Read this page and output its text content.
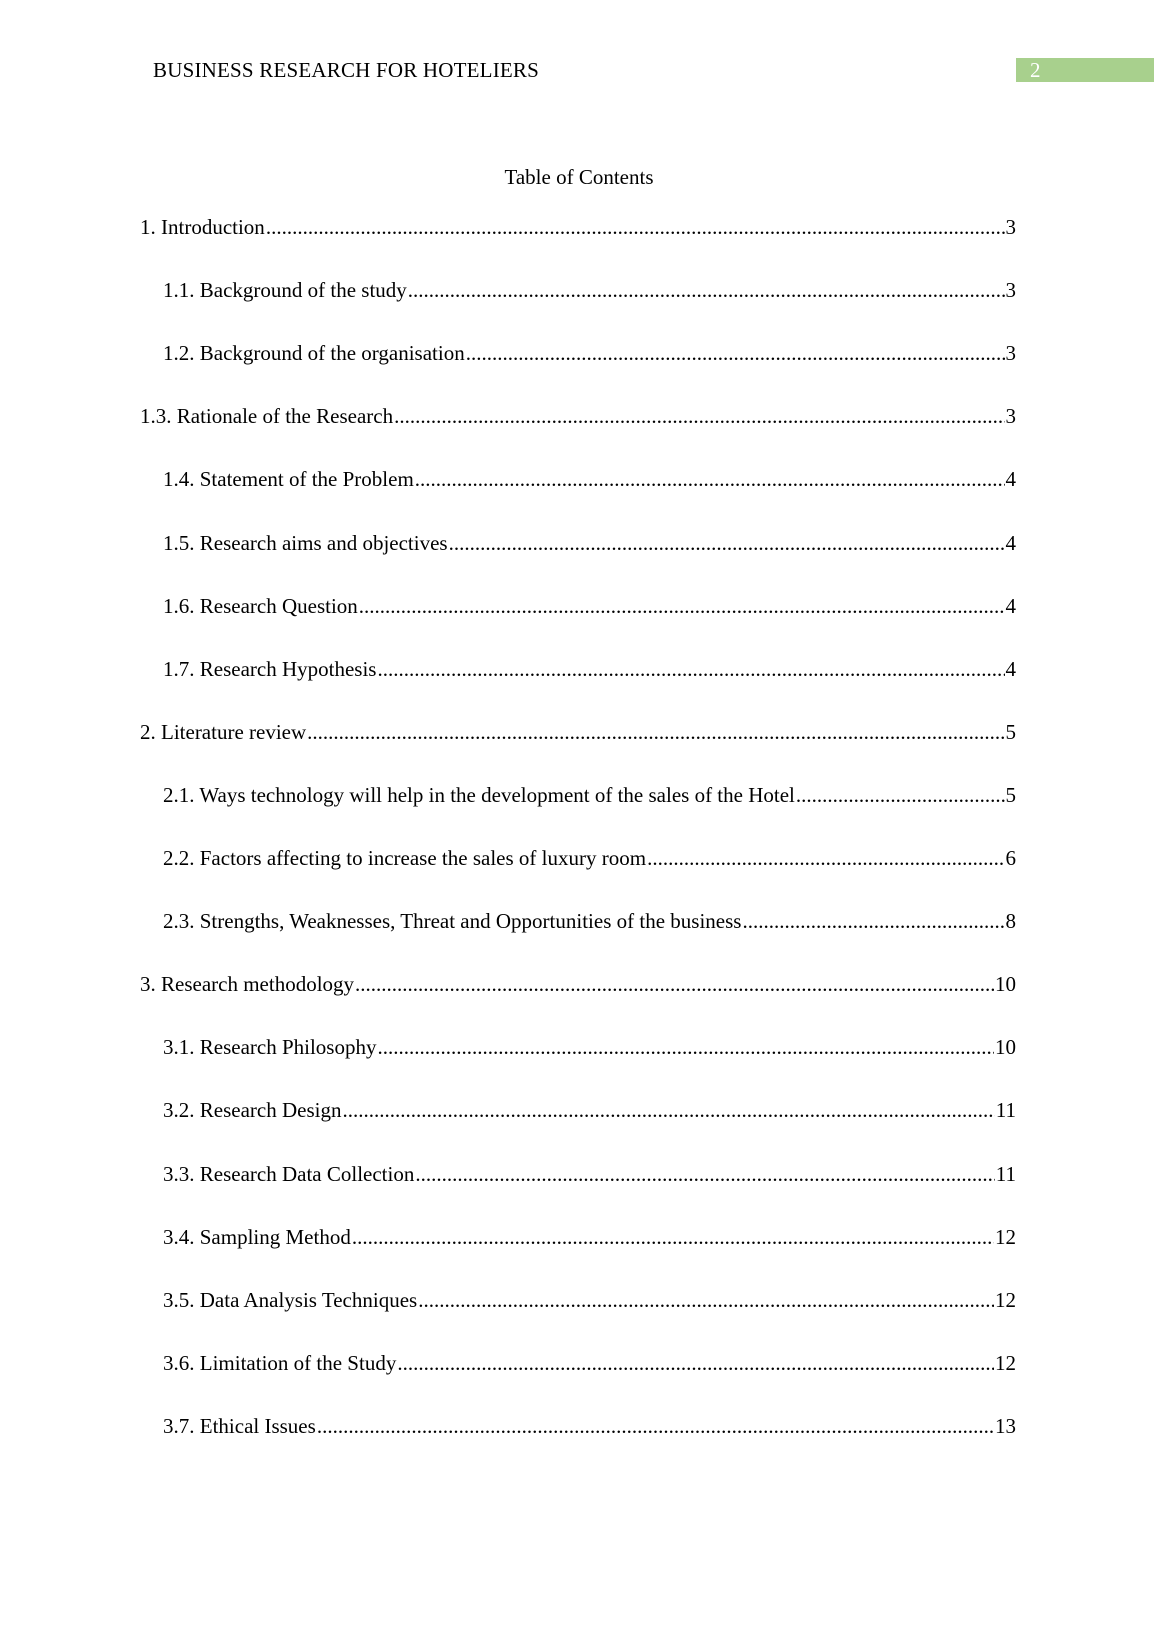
BUSINESS RESEARCH FOR HOTELIERS	2
Table of Contents
1. Introduction .....	3
1.1. Background of the study .....	3
1.2. Background of the organisation .....	3
1.3. Rationale of the Research .....	3
1.4. Statement of the Problem .....	4
1.5. Research aims and objectives .....	4
1.6. Research Question .....	4
1.7. Research Hypothesis .....	4
2. Literature review .....	5
2.1. Ways technology will help in the development of the sales of the Hotel .....	5
2.2. Factors affecting to increase the sales of luxury room .....	6
2.3. Strengths, Weaknesses, Threat and Opportunities of the business .....	8
3. Research methodology .....	10
3.1. Research Philosophy .....	10
3.2. Research Design .....	11
3.3. Research Data Collection .....	11
3.4. Sampling Method .....	12
3.5. Data Analysis Techniques .....	12
3.6. Limitation of the Study .....	12
3.7. Ethical Issues .....	13
